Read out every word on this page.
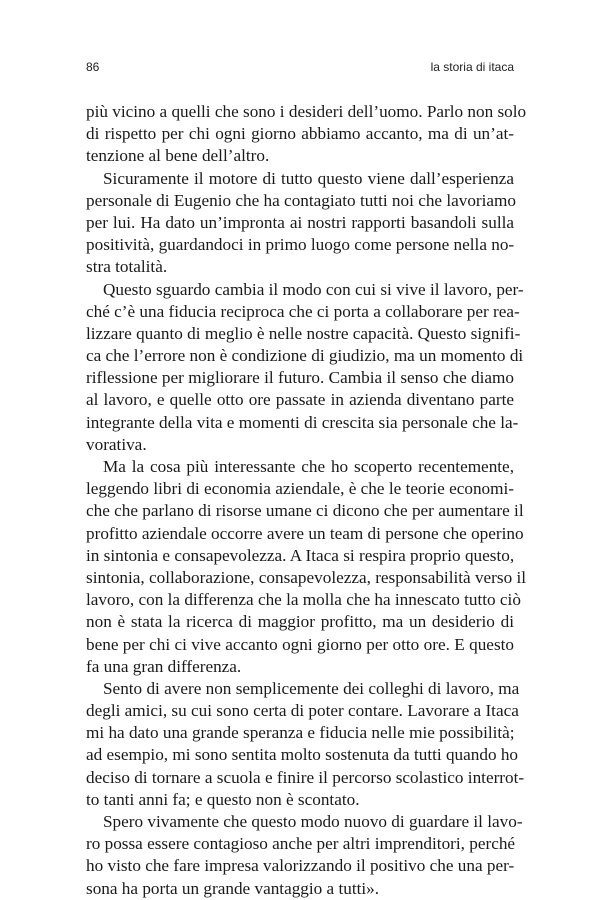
86	la storia di itaca
più vicino a quelli che sono i desideri dell’uomo. Parlo non solo
di rispetto per chi ogni giorno abbiamo accanto, ma di un’at-
tenzione al bene dell’altro.
Sicuramente il motore di tutto questo viene dall’esperienza
personale di Eugenio che ha contagiato tutti noi che lavoriamo
per lui. Ha dato un’impronta ai nostri rapporti basandoli sulla
positività, guardandoci in primo luogo come persone nella no-
stra totalità.
Questo sguardo cambia il modo con cui si vive il lavoro, per-
ché c’è una fiducia reciproca che ci porta a collaborare per rea-
lizzare quanto di meglio è nelle nostre capacità. Questo signifi-
ca che l’errore non è condizione di giudizio, ma un momento di
riflessione per migliorare il futuro. Cambia il senso che diamo
al lavoro, e quelle otto ore passate in azienda diventano parte
integrante della vita e momenti di crescita sia personale che la-
vorativa.
Ma la cosa più interessante che ho scoperto recentemente,
leggendo libri di economia aziendale, è che le teorie economi-
che che parlano di risorse umane ci dicono che per aumentare il
profitto aziendale occorre avere un team di persone che operino
in sintonia e consapevolezza. A Itaca si respira proprio questo,
sintonia, collaborazione, consapevolezza, responsabilità verso il
lavoro, con la differenza che la molla che ha innescato tutto ciò
non è stata la ricerca di maggior profitto, ma un desiderio di
bene per chi ci vive accanto ogni giorno per otto ore. E questo
fa una gran differenza.
Sento di avere non semplicemente dei colleghi di lavoro, ma
degli amici, su cui sono certa di poter contare. Lavorare a Itaca
mi ha dato una grande speranza e fiducia nelle mie possibilità;
ad esempio, mi sono sentita molto sostenuta da tutti quando ho
deciso di tornare a scuola e finire il percorso scolastico interrot-
to tanti anni fa; e questo non è scontato.
Spero vivamente che questo modo nuovo di guardare il lavo-
ro possa essere contagioso anche per altri imprenditori, perché
ho visto che fare impresa valorizzando il positivo che una per-
sona ha porta un grande vantaggio a tutti».
